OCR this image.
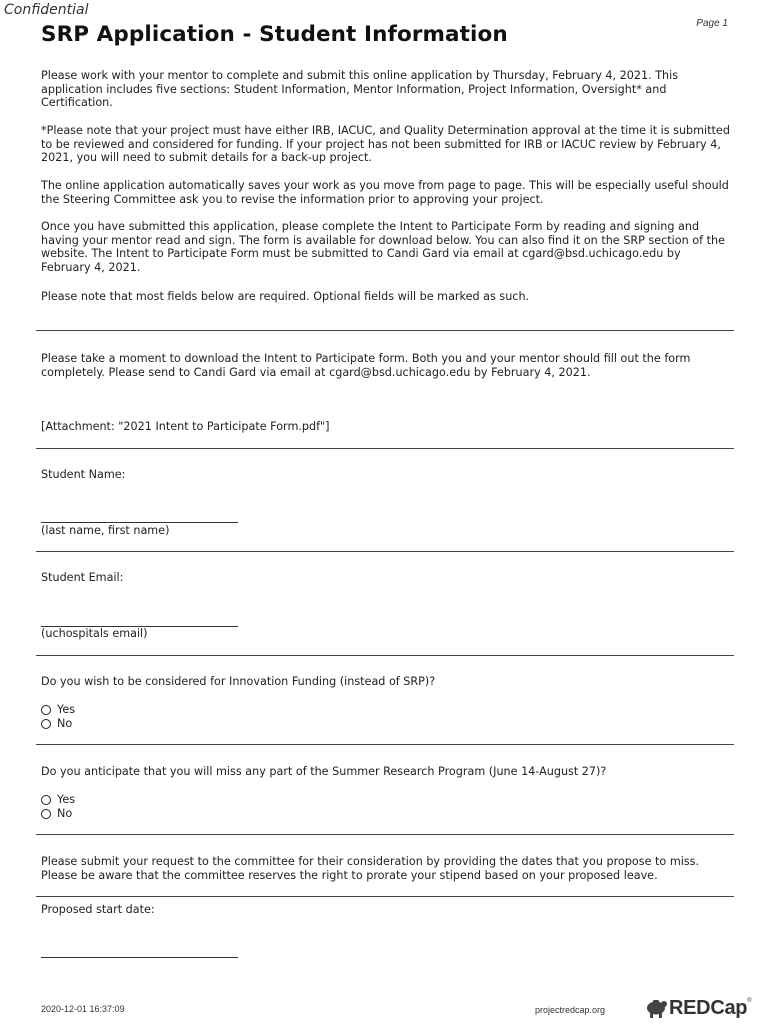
Confidential
Page 1
SRP Application - Student Information

Please work with your mentor to complete and submit this online application by Thursday, February 4, 2021. This application includes five sections: Student Information, Mentor Information, Project Information, Oversight* and Certification.

*Please note that your project must have either IRB, IACUC, and Quality Determination approval at the time it is submitted to be reviewed and considered for funding. If your project has not been submitted for IRB or IACUC review by February 4, 2021, you will need to submit details for a back-up project.

The online application automatically saves your work as you move from page to page. This will be especially useful should the Steering Committee ask you to revise the information prior to approving your project.

Once you have submitted this application, please complete the Intent to Participate Form by reading and signing and having your mentor read and sign. The form is available for download below. You can also find it on the SRP section of the website. The Intent to Participate Form must be submitted to Candi Gard via email at cgard@bsd.uchicago.edu by February 4, 2021.

Please note that most fields below are required. Optional fields will be marked as such.

Please take a moment to download the Intent to Participate form. Both you and your mentor should fill out the form completely. Please send to Candi Gard via email at cgard@bsd.uchicago.edu by February 4, 2021.

[Attachment: "2021 Intent to Participate Form.pdf"]

Student Name:

(last name, first name)

Student Email:

(uchospitals email)

Do you wish to be considered for Innovation Funding (instead of SRP)?

Yes
No

Do you anticipate that you will miss any part of the Summer Research Program (June 14-August 27)?

Yes
No

Please submit your request to the committee for their consideration by providing the dates that you propose to miss. Please be aware that the committee reserves the right to prorate your stipend based on your proposed leave.

Proposed start date:

2020-12-01 16:37:09	projectredcap.org	REDCap®
